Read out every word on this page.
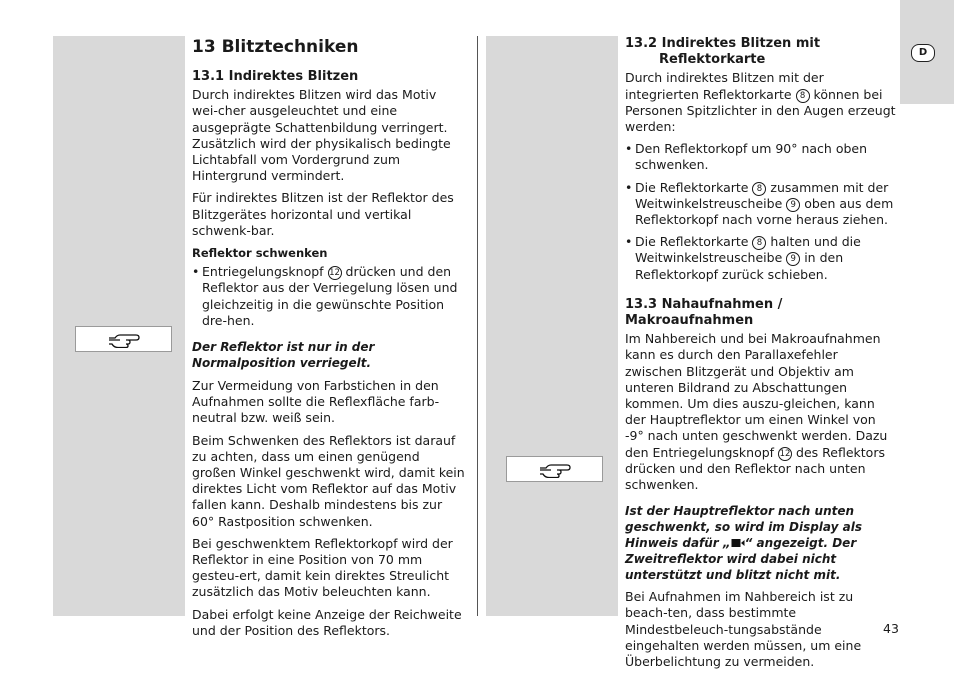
D

13 Blitztechniken

13.1 Indirektes Blitzen

Durch indirektes Blitzen wird das Motiv wei-cher ausgeleuchtet und eine ausgeprägte Schattenbildung verringert. Zusätzlich wird der physikalisch bedingte Lichtabfall vom Vordergrund zum Hintergrund vermindert.

Für indirektes Blitzen ist der Reflektor des Blitzgerätes horizontal und vertikal schwenk-bar.

Reflektor schwenken

• Entriegelungsknopf 12 drücken und den Reflektor aus der Verriegelung lösen und gleichzeitig in die gewünschte Position dre-hen.

Der Reflektor ist nur in der Normalposition verriegelt.

Zur Vermeidung von Farbstichen in den Aufnahmen sollte die Reflexfläche farb-neutral bzw. weiß sein.

Beim Schwenken des Reflektors ist darauf zu achten, dass um einen genügend großen Winkel geschwenkt wird, damit kein direktes Licht vom Reflektor auf das Motiv fallen kann. Deshalb mindestens bis zur 60° Rastposition schwenken.

Bei geschwenktem Reflektorkopf wird der Reflektor in eine Position von 70 mm gesteu-ert, damit kein direktes Streulicht zusätzlich das Motiv beleuchten kann.

Dabei erfolgt keine Anzeige der Reichweite und der Position des Reflektors.

13.2 Indirektes Blitzen mit
Reflektorkarte

Durch indirektes Blitzen mit der integrierten Reflektorkarte 8 können bei Personen Spitzlichter in den Augen erzeugt werden:

• Den Reflektorkopf um 90° nach oben schwenken.
• Die Reflektorkarte 8 zusammen mit der Weitwinkelstreuscheibe 9 oben aus dem Reflektorkopf nach vorne heraus ziehen.
• Die Reflektorkarte 8 halten und die Weitwinkelstreuscheibe 9 in den Reflektorkopf zurück schieben.

13.3 Nahaufnahmen / Makroaufnahmen

Im Nahbereich und bei Makroaufnahmen kann es durch den Parallaxefehler zwischen Blitzgerät und Objektiv am unteren Bildrand zu Abschattungen kommen. Um dies auszu-gleichen, kann der Hauptreflektor um einen Winkel von -9° nach unten geschwenkt werden. Dazu den Entriegelungsknopf 12 des Reflektors drücken und den Reflektor nach unten schwenken.

Ist der Hauptreflektor nach unten geschwenkt, so wird im Display als Hinweis dafür „ “ angezeigt. Der Zweitreflektor wird dabei nicht unterstützt und blitzt nicht mit.

Bei Aufnahmen im Nahbereich ist zu beach-ten, dass bestimmte Mindestbeleuch-tungsabstände eingehalten werden müssen, um eine Überbelichtung zu vermeiden.

43
